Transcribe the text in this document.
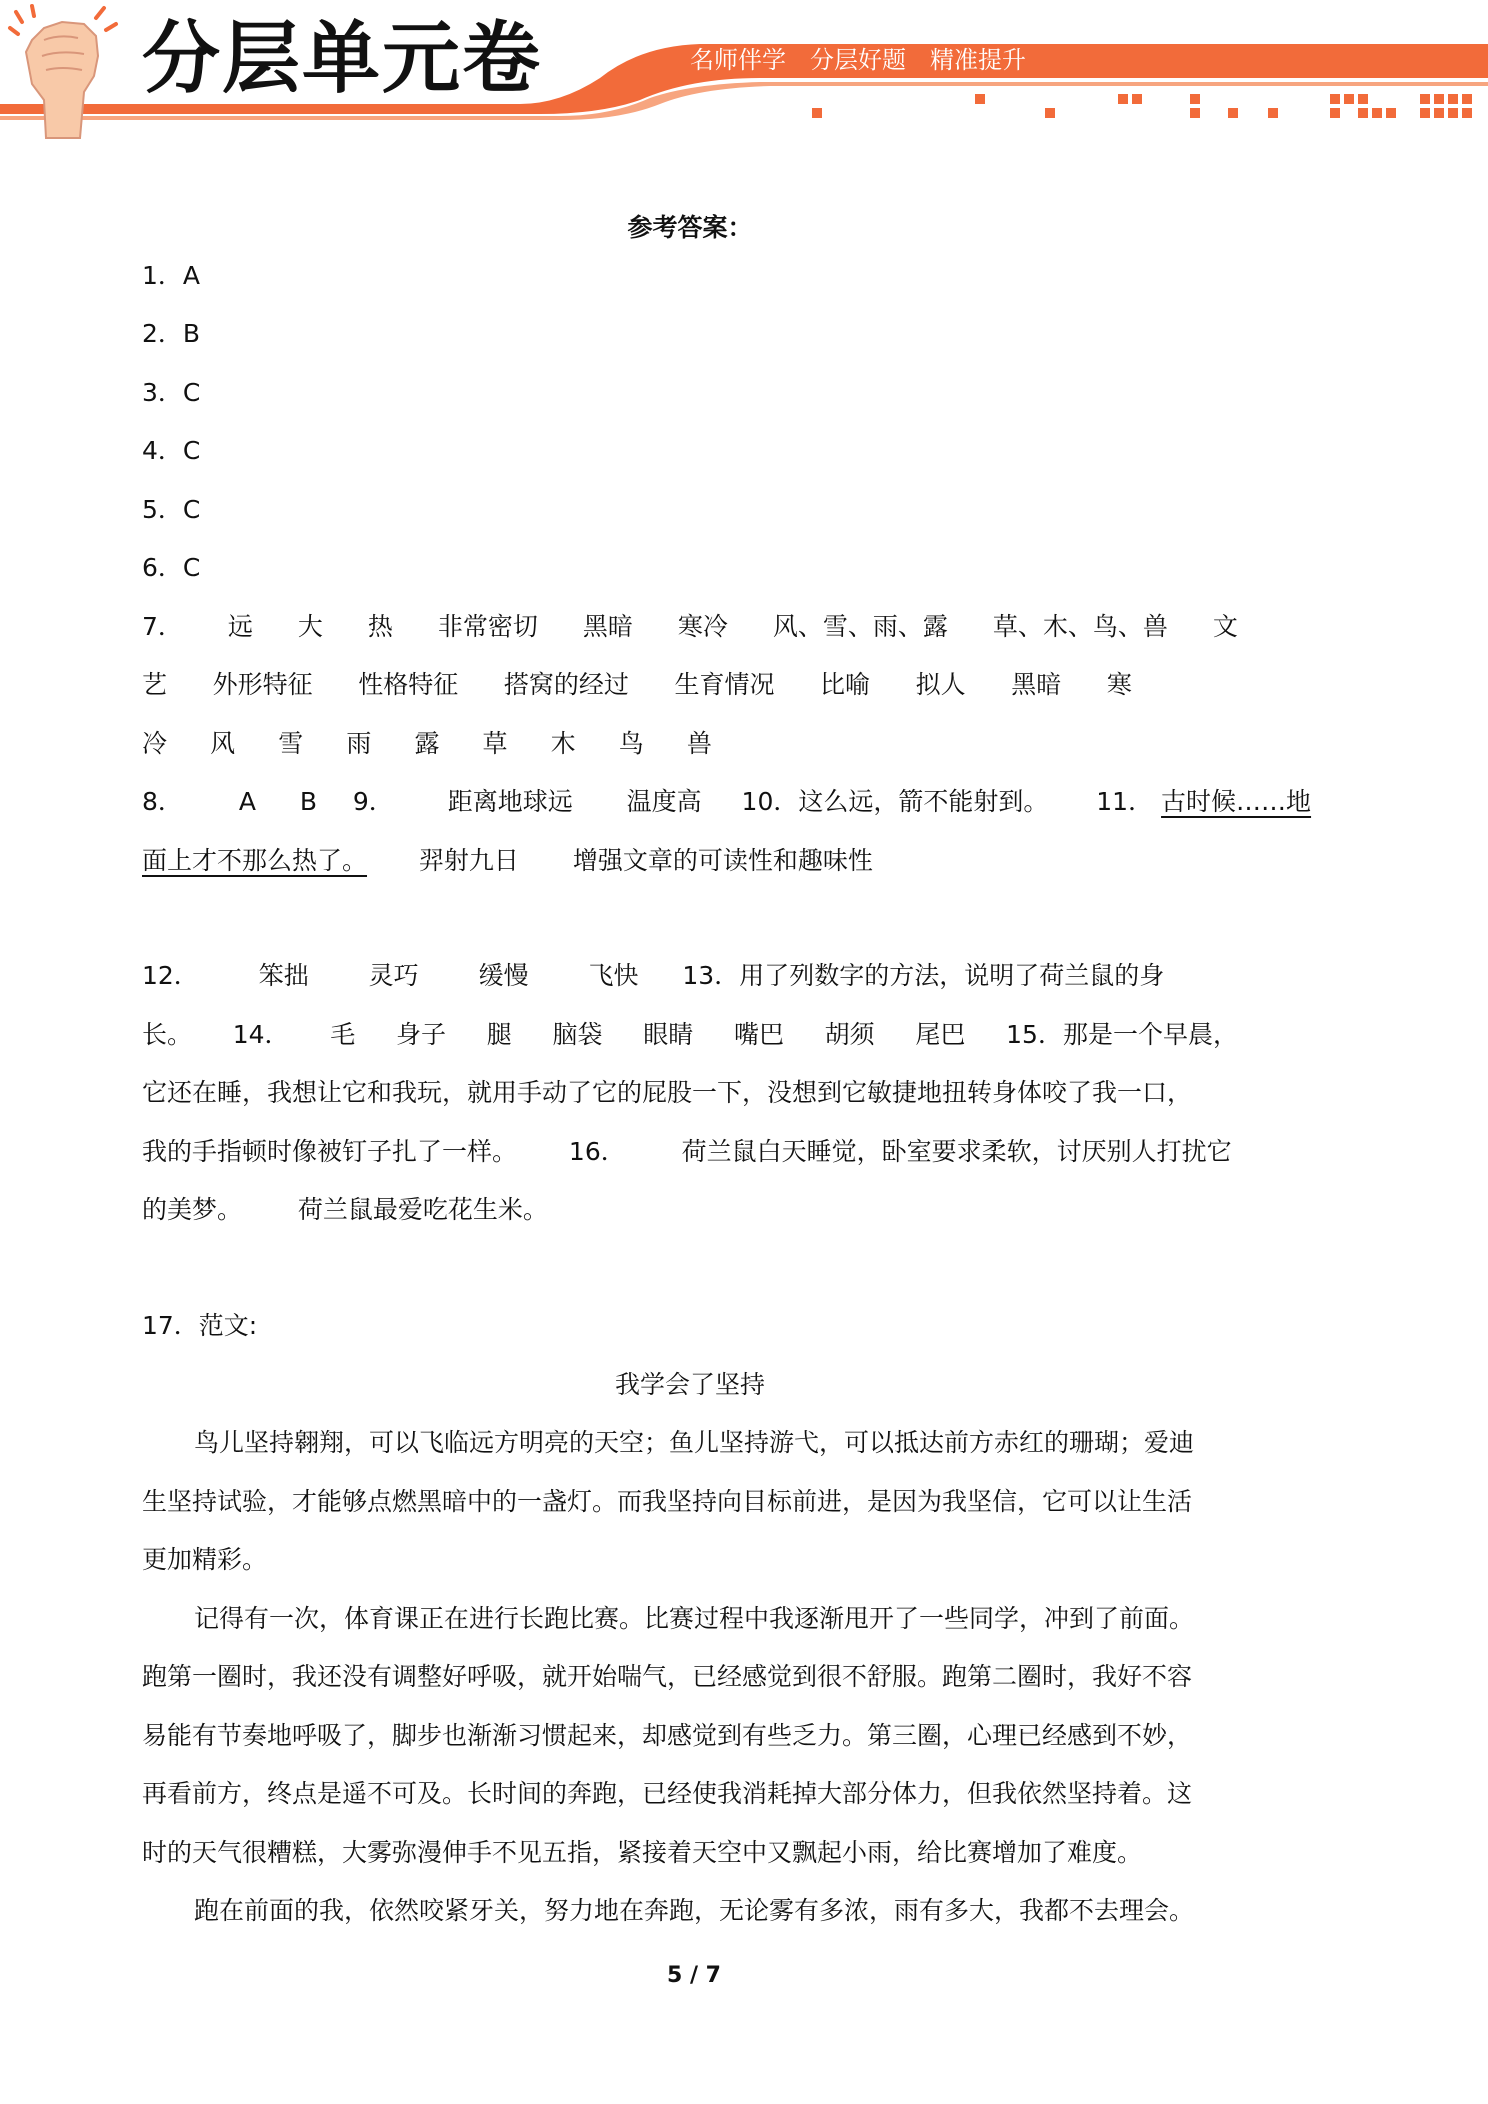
分层单元卷	名师伴学 分层好题 精准提升
参考答案：
1．A
2．B
3．C
4．C
5．C
6．C
7． 远 大 热 非常密切 黑暗 寒冷 风、雪、雨、露 草、木、鸟、兽 文
艺 外形特征 性格特征 搭窝的经过 生育情况 比喻 拟人 黑暗 寒
冷 风 雪 雨 露 草 木 鸟 兽
8． A B 9． 距离地球远 温度高 10．这么远，箭不能射到。 11． 古时候……地
面上才不那么热了。 羿射九日 增强文章的可读性和趣味性
12． 笨拙 灵巧 缓慢 飞快 13．用了列数字的方法，说明了荷兰鼠的身
长。 14． 毛 身子 腿 脑袋 眼睛 嘴巴 胡须 尾巴 15．那是一个早晨，
它还在睡，我想让它和我玩，就用手动了它的屁股一下，没想到它敏捷地扭转身体咬了我一口，
我的手指顿时像被钉子扎了一样。 16． 荷兰鼠白天睡觉，卧室要求柔软，讨厌别人打扰它
的美梦。 荷兰鼠最爱吃花生米。
17．范文:
我学会了坚持
鸟儿坚持翱翔，可以飞临远方明亮的天空；鱼儿坚持游弋，可以抵达前方赤红的珊瑚；爱迪
生坚持试验，才能够点燃黑暗中的一盏灯。而我坚持向目标前进，是因为我坚信，它可以让生活
更加精彩。
记得有一次，体育课正在进行长跑比赛。比赛过程中我逐渐甩开了一些同学，冲到了前面。
跑第一圈时，我还没有调整好呼吸，就开始喘气，已经感觉到很不舒服。跑第二圈时，我好不容
易能有节奏地呼吸了，脚步也渐渐习惯起来，却感觉到有些乏力。第三圈，心理已经感到不妙，
再看前方，终点是遥不可及。长时间的奔跑，已经使我消耗掉大部分体力，但我依然坚持着。这
时的天气很糟糕，大雾弥漫伸手不见五指，紧接着天空中又飘起小雨，给比赛增加了难度。
跑在前面的我，依然咬紧牙关，努力地在奔跑，无论雾有多浓，雨有多大，我都不去理会。
5 / 7
